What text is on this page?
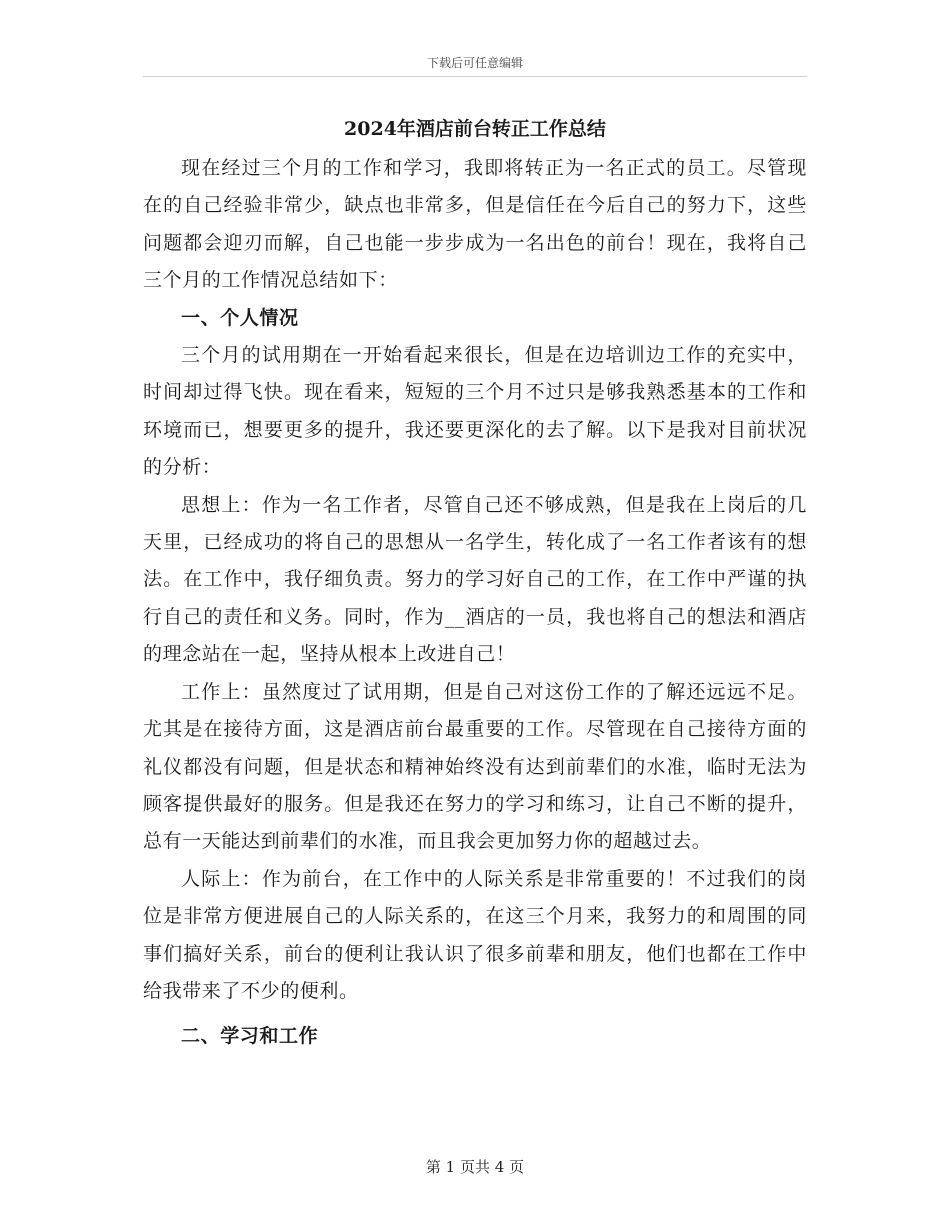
下载后可任意编辑
2024年酒店前台转正工作总结

现在经过三个月的工作和学习，我即将转正为一名正式的员工。尽管现在的自己经验非常少，缺点也非常多，但是信任在今后自己的努力下，这些问题都会迎刃而解，自己也能一步步成为一名出色的前台！现在，我将自己三个月的工作情况总结如下：

一、个人情况

三个月的试用期在一开始看起来很长，但是在边培训边工作的充实中，时间却过得飞快。现在看来，短短的三个月不过只是够我熟悉基本的工作和环境而已，想要更多的提升，我还要更深化的去了解。以下是我对目前状况的分析：

思想上：作为一名工作者，尽管自己还不够成熟，但是我在上岗后的几天里，已经成功的将自己的思想从一名学生，转化成了一名工作者该有的想法。在工作中，我仔细负责。努力的学习好自己的工作，在工作中严谨的执行自己的责任和义务。同时，作为__酒店的一员，我也将自己的想法和酒店的理念站在一起，坚持从根本上改进自己！

工作上：虽然度过了试用期，但是自己对这份工作的了解还远远不足。尤其是在接待方面，这是酒店前台最重要的工作。尽管现在自己接待方面的礼仪都没有问题，但是状态和精神始终没有达到前辈们的水准，临时无法为顾客提供最好的服务。但是我还在努力的学习和练习，让自己不断的提升，总有一天能达到前辈们的水准，而且我会更加努力你的超越过去。

人际上：作为前台，在工作中的人际关系是非常重要的！不过我们的岗位是非常方便进展自己的人际关系的，在这三个月来，我努力的和周围的同事们搞好关系，前台的便利让我认识了很多前辈和朋友，他们也都在工作中给我带来了不少的便利。

二、学习和工作

第 1 页共 4 页
